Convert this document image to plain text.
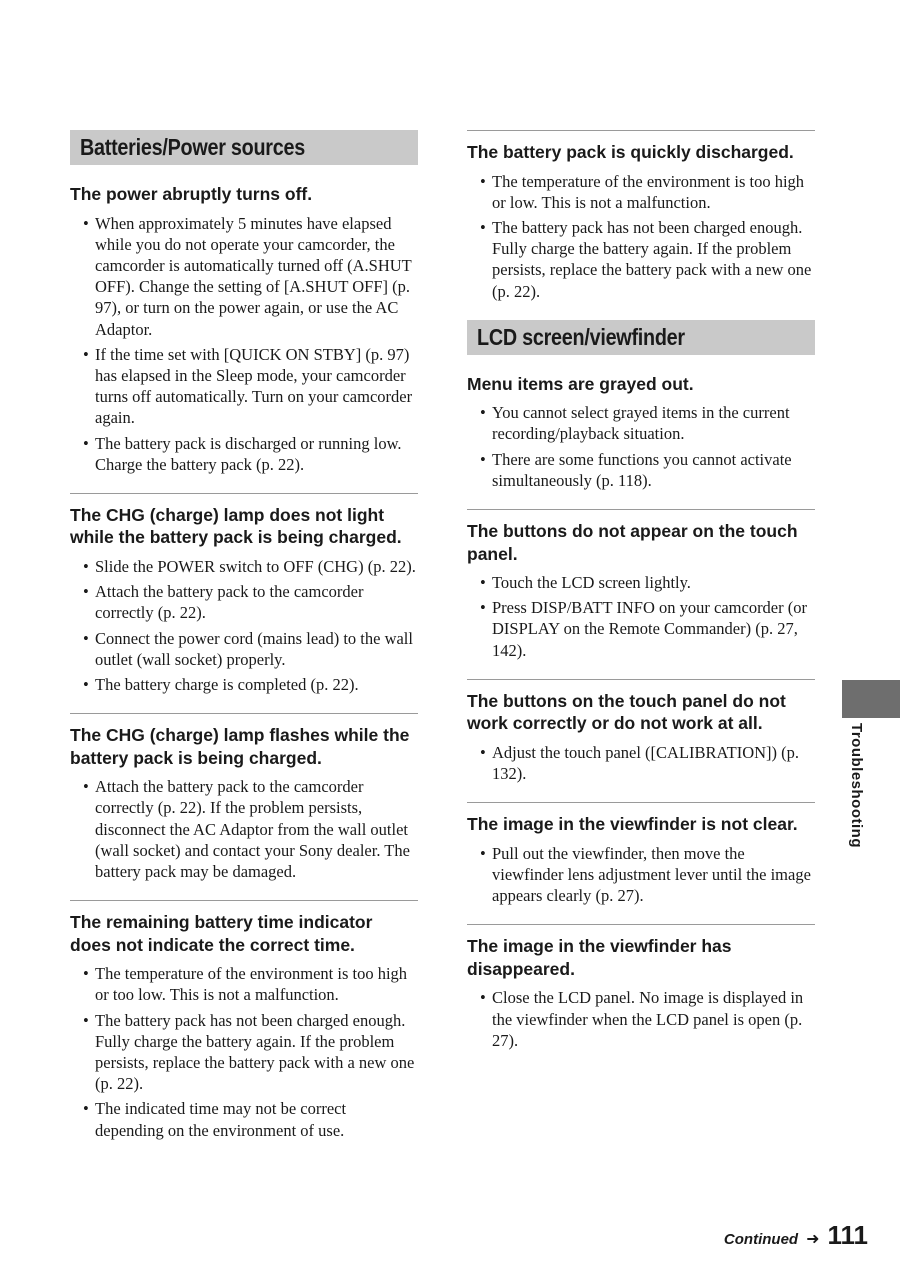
Batteries/Power sources
The power abruptly turns off.
• When approximately 5 minutes have elapsed while you do not operate your camcorder, the camcorder is automatically turned off (A.SHUT OFF). Change the setting of [A.SHUT OFF] (p. 97), or turn on the power again, or use the AC Adaptor.
• If the time set with [QUICK ON STBY] (p. 97) has elapsed in the Sleep mode, your camcorder turns off automatically. Turn on your camcorder again.
• The battery pack is discharged or running low. Charge the battery pack (p. 22).
The CHG (charge) lamp does not light while the battery pack is being charged.
• Slide the POWER switch to OFF (CHG) (p. 22).
• Attach the battery pack to the camcorder correctly (p. 22).
• Connect the power cord (mains lead) to the wall outlet (wall socket) properly.
• The battery charge is completed (p. 22).
The CHG (charge) lamp flashes while the battery pack is being charged.
• Attach the battery pack to the camcorder correctly (p. 22). If the problem persists, disconnect the AC Adaptor from the wall outlet (wall socket) and contact your Sony dealer. The battery pack may be damaged.
The remaining battery time indicator does not indicate the correct time.
• The temperature of the environment is too high or too low. This is not a malfunction.
• The battery pack has not been charged enough. Fully charge the battery again. If the problem persists, replace the battery pack with a new one (p. 22).
• The indicated time may not be correct depending on the environment of use.
The battery pack is quickly discharged.
• The temperature of the environment is too high or low. This is not a malfunction.
• The battery pack has not been charged enough. Fully charge the battery again. If the problem persists, replace the battery pack with a new one (p. 22).
LCD screen/viewfinder
Menu items are grayed out.
• You cannot select grayed items in the current recording/playback situation.
• There are some functions you cannot activate simultaneously (p. 118).
The buttons do not appear on the touch panel.
• Touch the LCD screen lightly.
• Press DISP/BATT INFO on your camcorder (or DISPLAY on the Remote Commander) (p. 27, 142).
The buttons on the touch panel do not work correctly or do not work at all.
• Adjust the touch panel ([CALIBRATION]) (p. 132).
The image in the viewfinder is not clear.
• Pull out the viewfinder, then move the viewfinder lens adjustment lever until the image appears clearly (p. 27).
The image in the viewfinder has disappeared.
• Close the LCD panel. No image is displayed in the viewfinder when the LCD panel is open (p. 27).
Troubleshooting
Continued ➜ 111
